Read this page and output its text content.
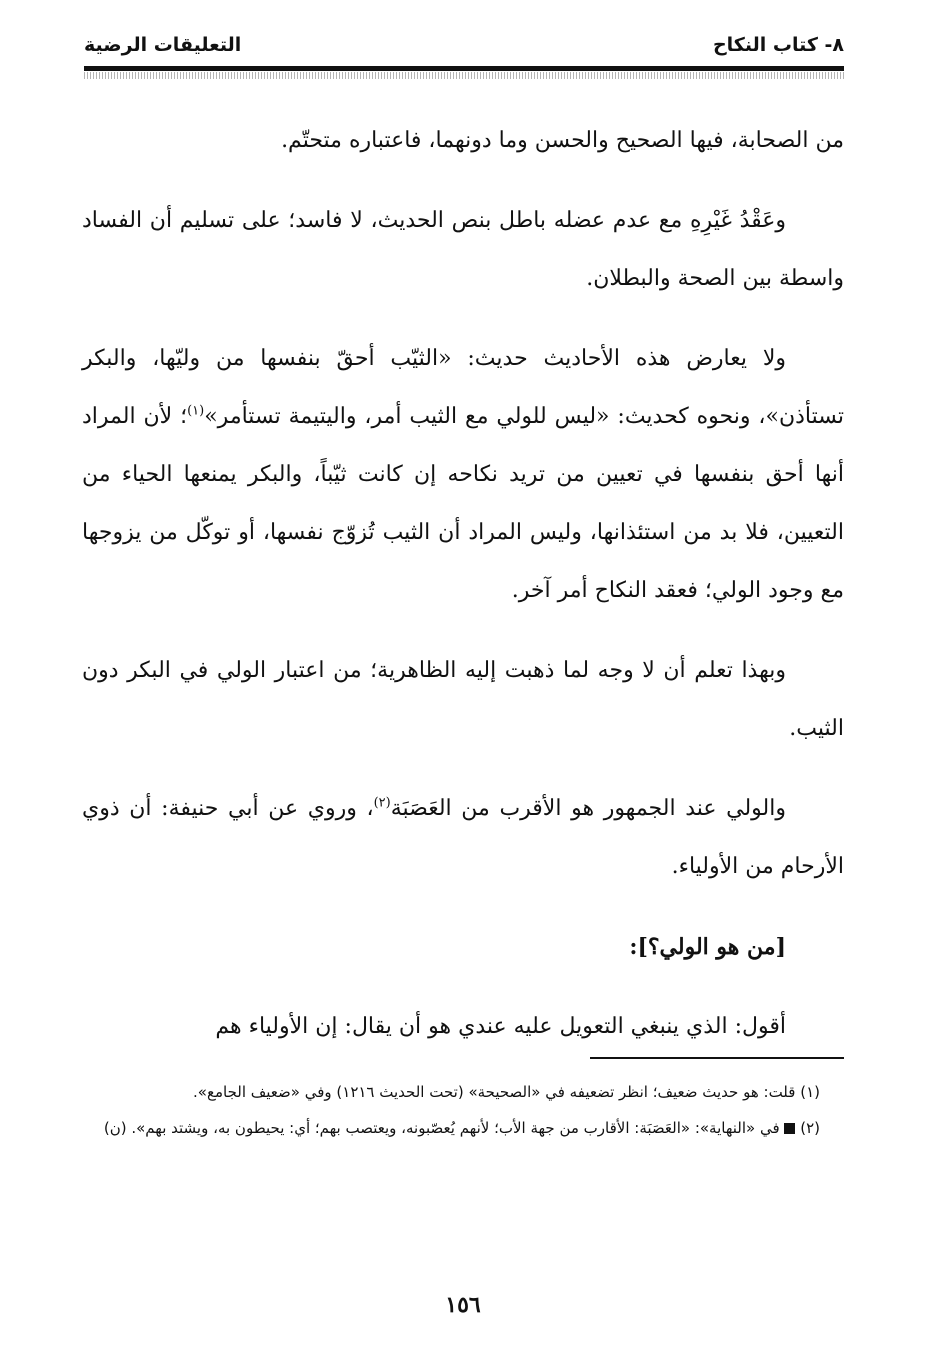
٨- كتاب النكاح
التعليقات الرضية

من الصحابة، فيها الصحيح والحسن وما دونهما، فاعتباره متحتّم.

وعَقْدُ غَيْرِهِ مع عدم عضله باطل بنص الحديث، لا فاسد؛ على تسليم أن الفساد واسطة بين الصحة والبطلان.

ولا يعارض هذه الأحاديث حديث: «الثيّب أحقّ بنفسها من وليّها، والبكر تستأذن»، ونحوه كحديث: «ليس للولي مع الثيب أمر، واليتيمة تستأمر»$^{(١)}$؛ لأن المراد أنها أحق بنفسها في تعيين من تريد نكاحه إن كانت ثيّباً، والبكر يمنعها الحياء من التعيين، فلا بد من استئذانها، وليس المراد أن الثيب تُزوّج نفسها، أو توكّل من يزوجها مع وجود الولي؛ فعقد النكاح أمر آخر.

وبهذا تعلم أن لا وجه لما ذهبت إليه الظاهرية؛ من اعتبار الولي في البكر دون الثيب.

والولي عند الجمهور هو الأقرب من العَصَبَة$^{(٢)}$، وروي عن أبي حنيفة: أن ذوي الأرحام من الأولياء.

[من هو الولي؟]:

أقول: الذي ينبغي التعويل عليه عندي هو أن يقال: إن الأولياء هم

(١) قلت: هو حديث ضعيف؛ انظر تضعيفه في «الصحيحة» (تحت الحديث ١٢١٦) وفي «ضعيف الجامع».

(٢)  في «النهاية»: «العَصَبَة: الأقارب من جهة الأب؛ لأنهم يُعصّبونه، ويعتصب بهم؛ أي: يحيطون به، ويشتد بهم». (ن)

١٥٦
